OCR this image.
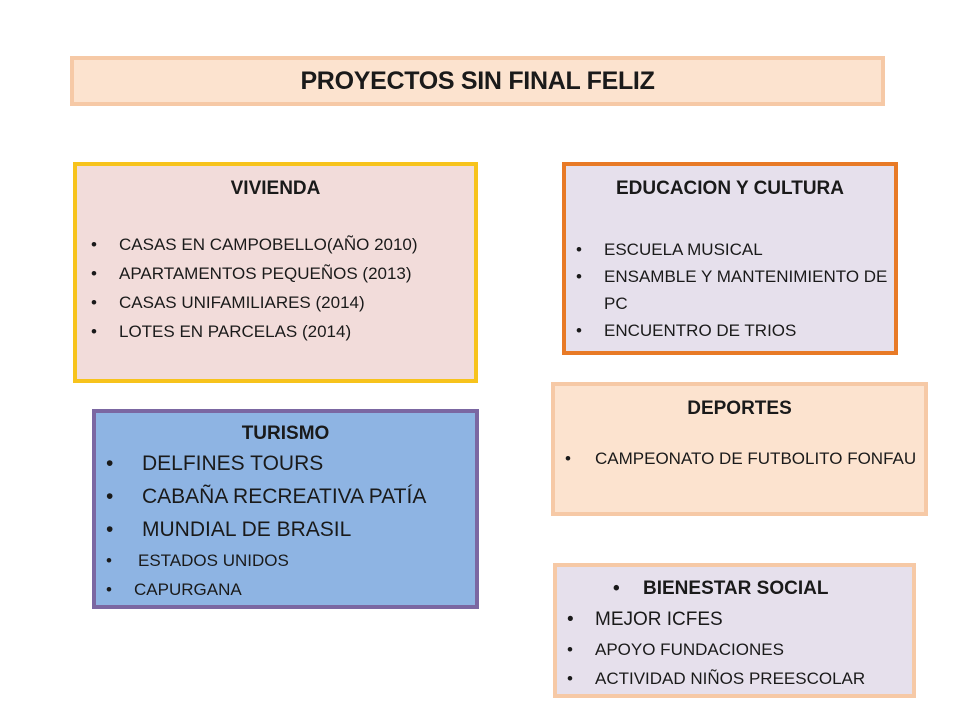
PROYECTOS SIN FINAL FELIZ
VIVIENDA
• CASAS EN CAMPOBELLO(AÑO 2010)
• APARTAMENTOS PEQUEÑOS (2013)
• CASAS UNIFAMILIARES (2014)
• LOTES EN PARCELAS (2014)
EDUCACION Y CULTURA
• ESCUELA MUSICAL
• ENSAMBLE Y MANTENIMIENTO DE PC
• ENCUENTRO DE TRIOS
DEPORTES
• CAMPEONATO DE FUTBOLITO FONFAU
TURISMO
• DELFINES TOURS
• CABAÑA RECREATIVA PATÍA
• MUNDIAL DE BRASIL
• ESTADOS UNIDOS
• CAPURGANA
•	BIENESTAR SOCIAL
• MEJOR ICFES
• APOYO FUNDACIONES
• ACTIVIDAD NIÑOS PREESCOLAR
